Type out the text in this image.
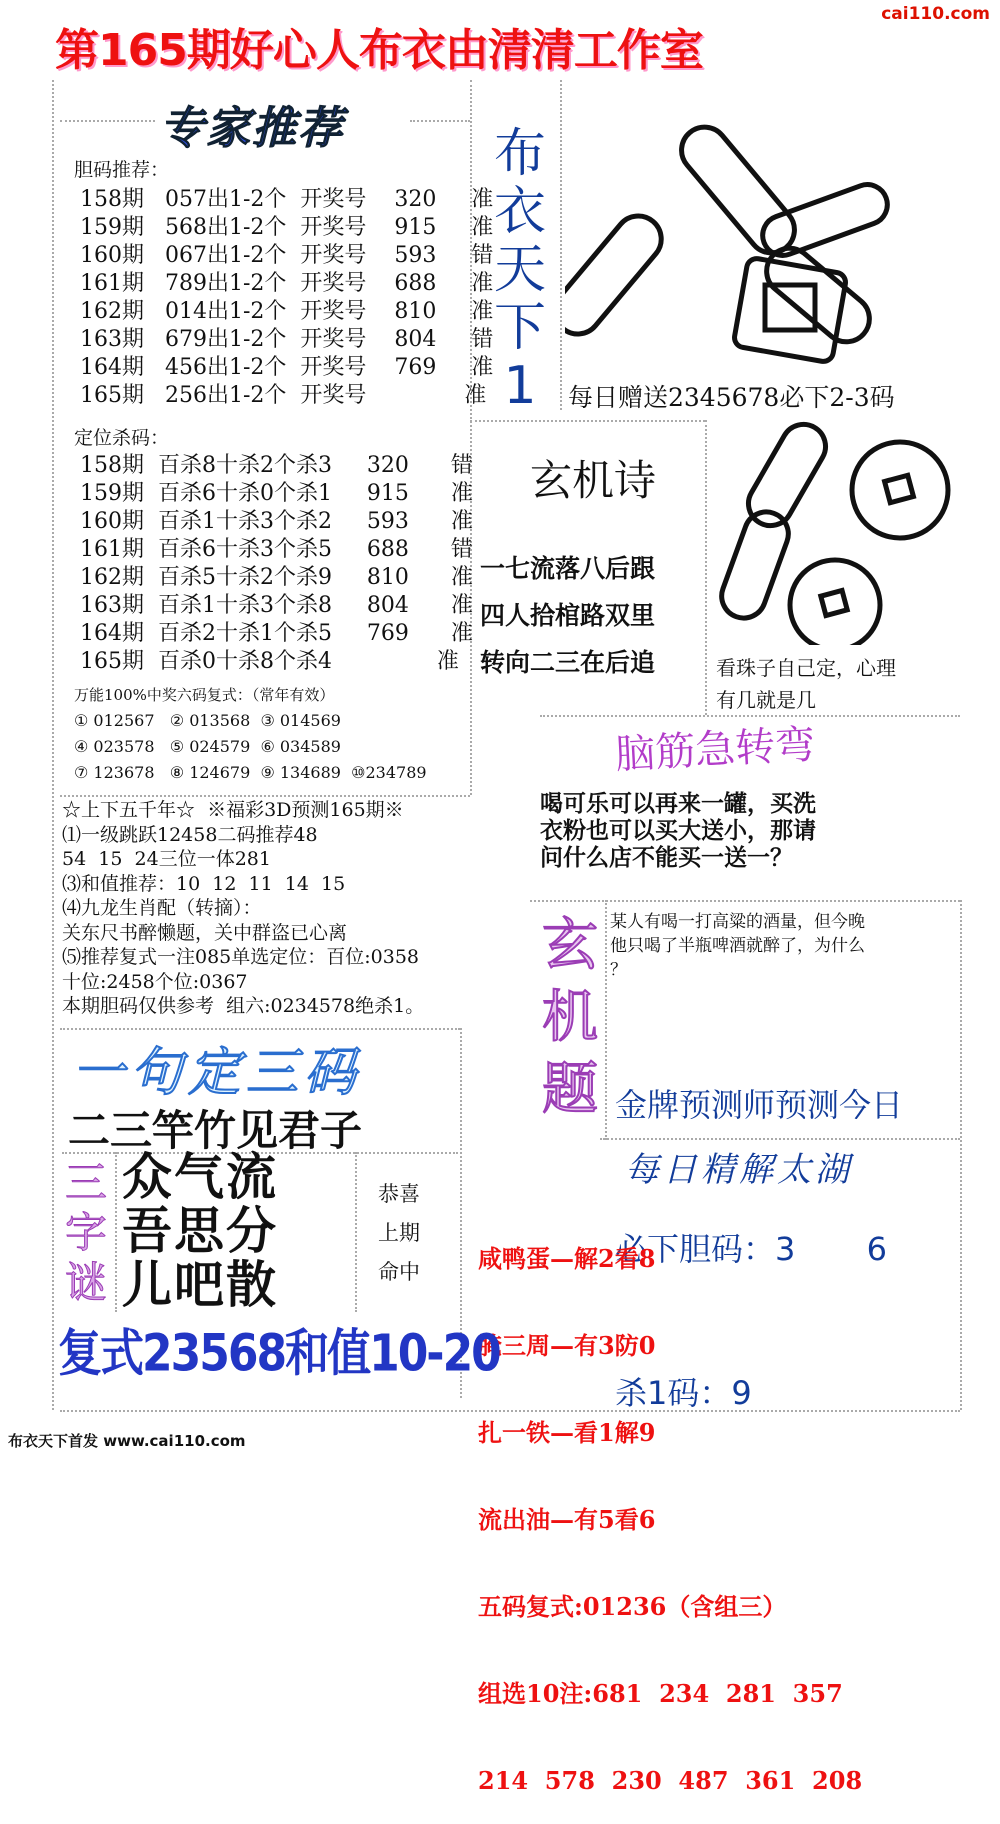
第165期好心人布衣由清清工作室
cai110.com
专家推荐
胆码推荐：
158期   057出1-2个  开奖号    320     准
159期   568出1-2个  开奖号    915     准
160期   067出1-2个  开奖号    593     错
161期   789出1-2个  开奖号    688     准
162期   014出1-2个  开奖号    810     准
163期   679出1-2个  开奖号    804     错
164期   456出1-2个  开奖号    769     准
165期   256出1-2个  开奖号              准
定位杀码：
158期  百杀8十杀2个杀3     320      错
159期  百杀6十杀0个杀1     915      准
160期  百杀1十杀3个杀2     593      准
161期  百杀6十杀3个杀5     688      错
162期  百杀5十杀2个杀9     810      准
163期  百杀1十杀3个杀8     804      准
164期  百杀2十杀1个杀5     769      准
165期  百杀0十杀8个杀4               准
万能100%中奖六码复式：（常年有效）
① 012567   ② 013568  ③ 014569
④ 023578   ⑤ 024579  ⑥ 034589
⑦ 123678   ⑧ 124679  ⑨ 134689  ⑩234789
☆上下五千年☆  ※福彩3D预测165期※
⑴一级跳跃12458二码推荐48
54  15  24三位一体281
⑶和值推荐：10  12  11  14  15
⑷九龙生肖配（转摘）：
关东尺书醉懒题，关中群盗已心离
⑸推荐复式一注085单选定位：百位:0358
十位:2458个位:0367
本期胆码仅供参考  组六:0234578绝杀1。
布衣天下1	每日赠送2345678必下2-3码
玄机诗
一七流落八后跟
四人拾棺路双里
转向二三在后追	看珠子自己定，心理
有几就是几
脑筋急转弯
喝可乐可以再来一罐，买洗
衣粉也可以买大送小，那请
问什么店不能买一送一？
玄机题
某人有喝一打高粱的酒量，但今晚
他只喝了半瓶啤酒就醉了，为什么
？

金牌预测师预测今日

必下胆码：3       6

杀1码：9

每日精解太湖

咸鸭蛋—解2看8

腌三周—有3防0

扎一铁—看1解9

流出油—有5看6

五码复式:01236（含组三）

组选10注:681  234  281  357

214  578  230  487  361  208

一句定三码
二三竿竹见君子
三字谜
众气流
吾思分
儿吧散
恭喜
上期
命中
复式23568和值10-20
布衣天下首发 www.cai110.com
